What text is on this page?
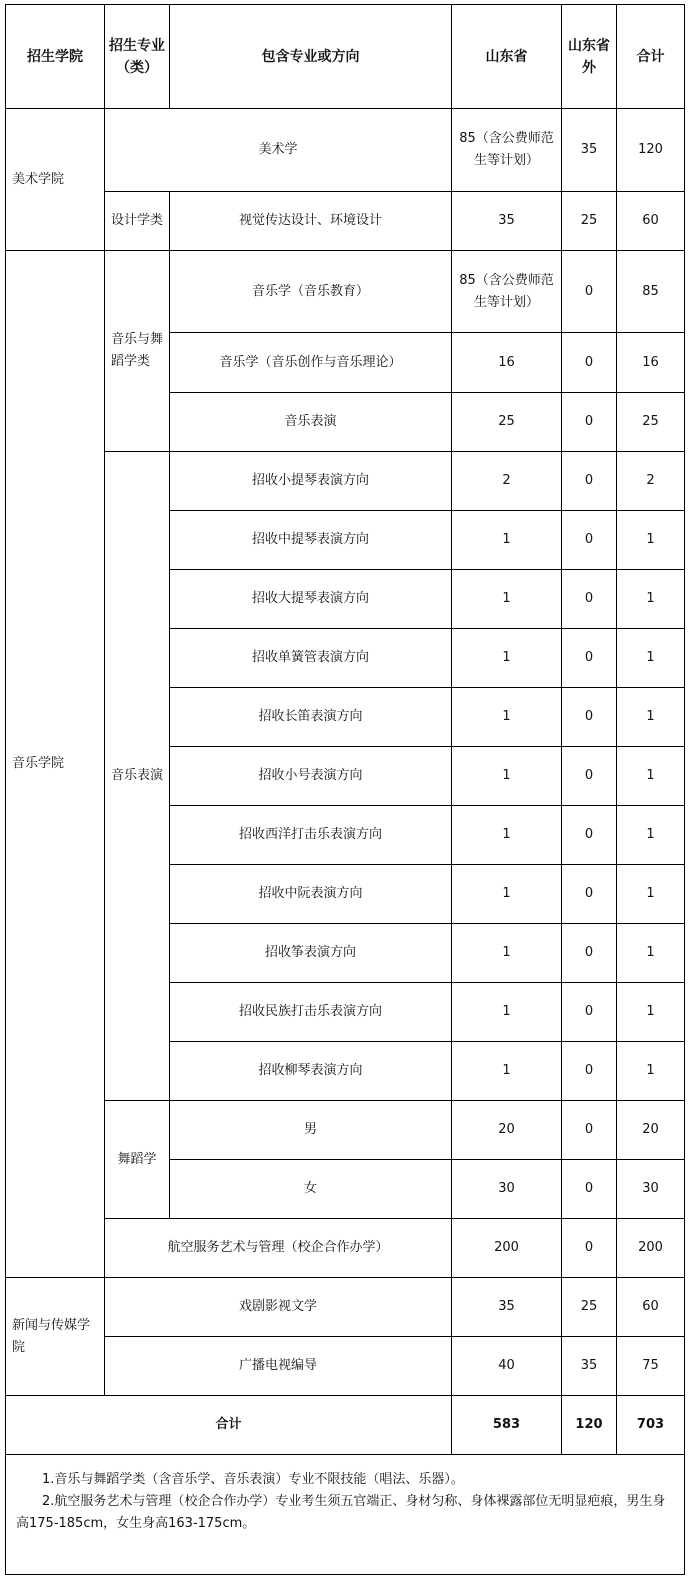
招生学院	招生专业（类）	包含专业或方向	山东省	山东省外	合计
美术学院	美术学		85（含公费师范生等计划）	35	120
	设计学类	视觉传达设计、环境设计	35	25	60
音乐学院	音乐与舞蹈学类	音乐学（音乐教育）	85（含公费师范生等计划）	0	85
		音乐学（音乐创作与音乐理论）	16	0	16
		音乐表演	25	0	25
	音乐表演	招收小提琴表演方向	2	0	2
		招收中提琴表演方向	1	0	1
		招收大提琴表演方向	1	0	1
		招收单簧管表演方向	1	0	1
		招收长笛表演方向	1	0	1
		招收小号表演方向	1	0	1
		招收西洋打击乐表演方向	1	0	1
		招收中阮表演方向	1	0	1
		招收筝表演方向	1	0	1
		招收民族打击乐表演方向	1	0	1
		招收柳琴表演方向	1	0	1
	舞蹈学	男	20	0	20
		女	30	0	30
	航空服务艺术与管理（校企合作办学）		200	0	200
新闻与传媒学院	戏剧影视文学		35	25	60
	广播电视编导		40	35	75
合计			583	120	703

1.音乐与舞蹈学类（含音乐学、音乐表演）专业不限技能（唱法、乐器）。

2.航空服务艺术与管理（校企合作办学）专业考生须五官端正、身材匀称、身体裸露部位无明显疤痕，男生身高175-185cm，女生身高163-175cm。					
